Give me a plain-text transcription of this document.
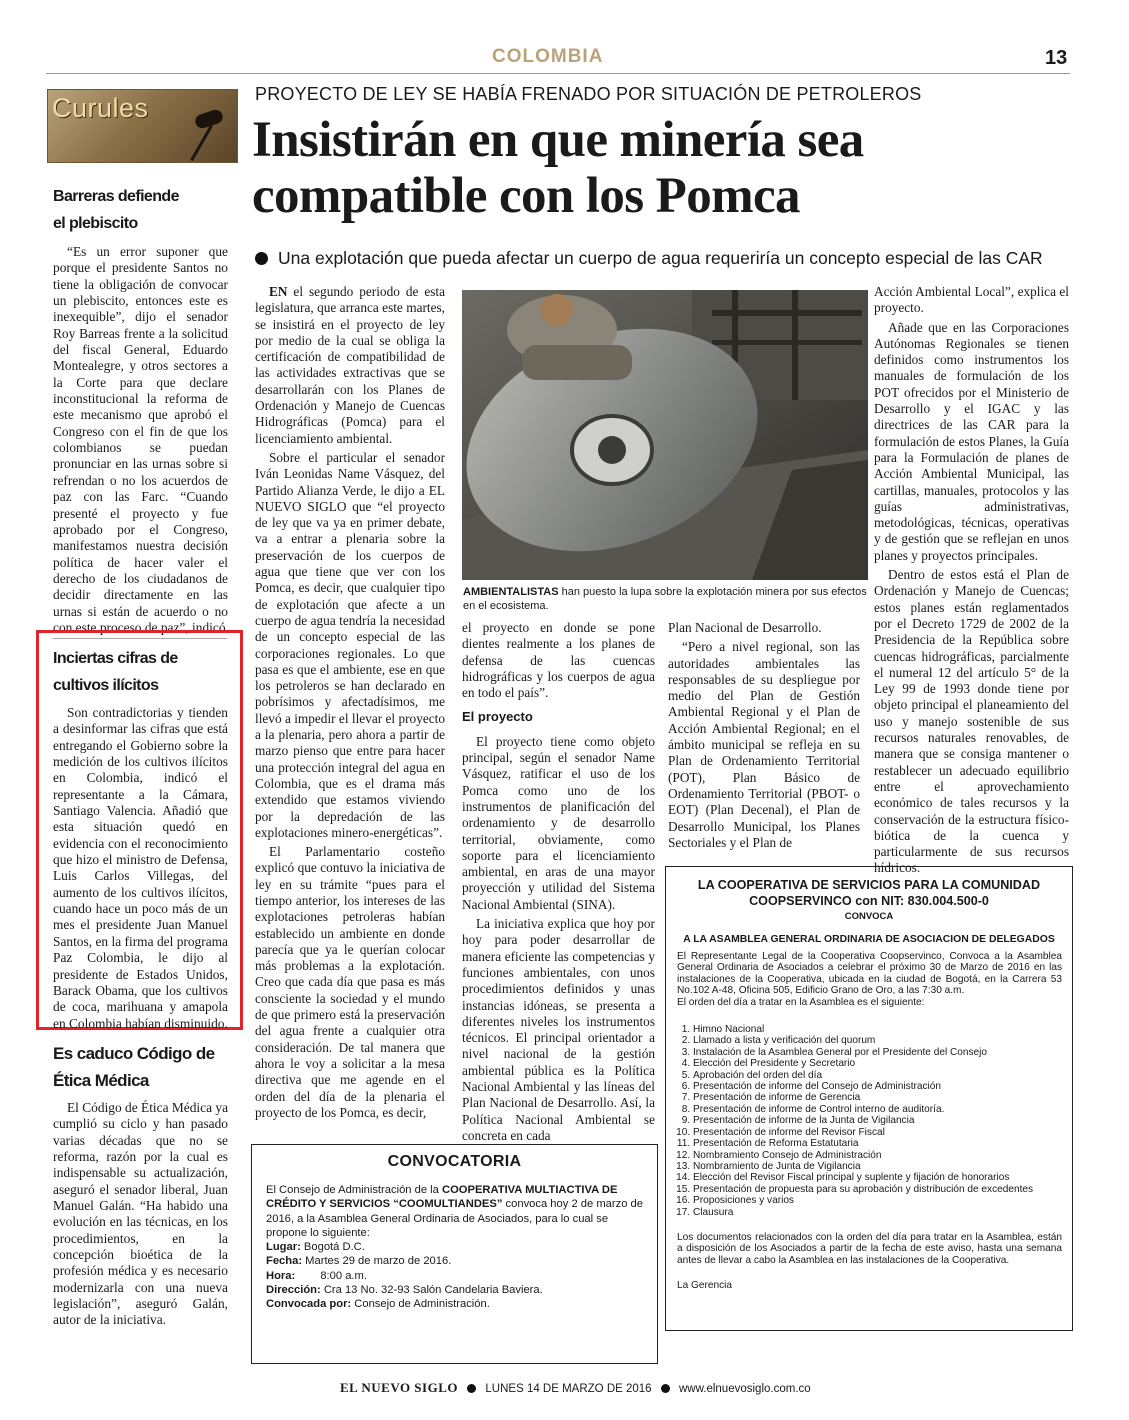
COLOMBIA	13
Curules
Barreras defiende
el plebiscito

“Es un error suponer que porque el presidente Santos no tiene la obligación de convocar un plebiscito, entonces este es inexequible”, dijo el senador Roy Barreas frente a la solicitud del fiscal General, Eduardo Montealegre, y otros sectores a la Corte para que declare inconstitucional la reforma de este mecanismo que aprobó el Congreso con el fin de que los colombianos se puedan pronunciar en las urnas sobre si refrendan o no los acuerdos de paz con las Farc. “Cuando presenté el proyecto y fue aprobado por el Congreso, manifestamos nuestra decisión política de hacer valer el derecho de los ciudadanos de decidir directamente en las urnas si están de acuerdo o no con este proceso de paz”, indicó

Inciertas cifras de
cultivos ilícitos

Son contradictorias y tienden a desinformar las cifras que está entregando el Gobierno sobre la medición de los cultivos ilícitos en Colombia, indicó el representante a la Cámara, Santiago Valencia. Añadió que esta situación quedó en evidencia con el reconocimiento que hizo el ministro de Defensa, Luis Carlos Villegas, del aumento de los cultivos ilícitos, cuando hace un poco más de un mes el presidente Juan Manuel Santos, en la firma del programa Paz Colombia, le dijo al presidente de Estados Unidos, Barack Obama, que los cultivos de coca, marihuana y amapola en Colombia habían disminuido.

Es caduco Código de
Ética Médica

El Código de Ética Médica ya cumplió su ciclo y han pasado varias décadas que no se reforma, razón por la cual es indispensable su actualización, aseguró el senador liberal, Juan Manuel Galán. “Ha habido una evolución en las técnicas, en los procedimientos, en la concepción bioética de la profesión médica y es necesario modernizarla con una nueva legislación”, aseguró Galán, autor de la iniciativa.

PROYECTO DE LEY SE HABÍA FRENADO POR SITUACIÓN DE PETROLEROS
Insistirán en que minería sea
compatible con los Pomca
Una explotación que pueda afectar un cuerpo de agua requeriría un concepto especial de las CAR

EN el segundo periodo de esta legislatura, que arranca este martes, se insistirá en el proyecto de ley por medio de la cual se obliga la certificación de compatibilidad de las actividades extractivas que se desarrollarán con los Planes de Ordenación y Manejo de Cuencas Hidrográficas (Pomca) para el licenciamiento ambiental.

Sobre el particular el senador Iván Leonidas Name Vásquez, del Partido Alianza Verde, le dijo a EL NUEVO SIGLO que “el proyecto de ley que va ya en primer debate, va a entrar a plenaria sobre la preservación de los cuerpos de agua que tiene que ver con los Pomca, es decir, que cualquier tipo de explotación que afecte a un cuerpo de agua tendría la necesidad de un concepto especial de las corporaciones regionales. Lo que pasa es que el ambiente, ese en que los petroleros se han declarado en pobrísimos y afectadísimos, me llevó a impedir el llevar el proyecto a la plenaria, pero ahora a partir de marzo pienso que entre para hacer una protección integral del agua en Colombia, que es el drama más extendido que estamos viviendo por la depredación de las explotaciones minero-energéticas”.

El Parlamentario costeño explicó que contuvo la iniciativa de ley en su trámite “pues para el tiempo anterior, los intereses de las explotaciones petroleras habían establecido un ambiente en donde parecía que ya le querían colocar más problemas a la explotación. Creo que cada día que pasa es más consciente la sociedad y el mundo de que primero está la preservación del agua frente a cualquier otra consideración. De tal manera que ahora le voy a solicitar a la mesa directiva que me agende en el orden del día de la plenaria el proyecto de los Pomca, es decir,

AMBIENTALISTAS han puesto la lupa sobre la explotación minera por sus efectos en el ecosistema.

el proyecto en donde se pone dientes realmente a los planes de defensa de las cuencas hidrográficas y los cuerpos de agua en todo el país”.

El proyecto

El proyecto tiene como objeto principal, según el senador Name Vásquez, ratificar el uso de los Pomca como uno de los instrumentos de planificación del ordenamiento y de desarrollo territorial, obviamente, como soporte para el licenciamiento ambiental, en aras de una mayor proyección y utilidad del Sistema Nacional Ambiental (SINA).

La iniciativa explica que hoy por hoy para poder desarrollar de manera eficiente las competencias y funciones ambientales, con unos procedimientos definidos y unas instancias idóneas, se presenta a diferentes niveles los instrumentos técnicos. El principal orientador a nivel nacional de la gestión ambiental pública es la Política Nacional Ambiental y las líneas del Plan Nacional de Desarrollo. Así, la Política Nacional Ambiental se concreta en cada

Plan Nacional de Desarrollo.

“Pero a nivel regional, son las autoridades ambientales las responsables de su despliegue por medio del Plan de Gestión Ambiental Regional y el Plan de Acción Ambiental Regional; en el ámbito municipal se refleja en su Plan de Ordenamiento Territorial (POT), Plan Básico de Ordenamiento Territorial (PBOT- o EOT) (Plan Decenal), el Plan de Desarrollo Municipal, los Planes Sectoriales y el Plan de

Acción Ambiental Local”, explica el proyecto.

Añade que en las Corporaciones Autónomas Regionales se tienen definidos como instrumentos los manuales de formulación de los POT ofrecidos por el Ministerio de Desarrollo y el IGAC y las directrices de las CAR para la formulación de estos Planes, la Guía para la Formulación de planes de Acción Ambiental Municipal, las cartillas, manuales, protocolos y las guías administrativas, metodológicas, técnicas, operativas y de gestión que se reflejan en unos planes y proyectos principales.

Dentro de estos está el Plan de Ordenación y Manejo de Cuencas; estos planes están reglamentados por el Decreto 1729 de 2002 de la Presidencia de la República sobre cuencas hidrográficas, parcialmente el numeral 12 del artículo 5° de la Ley 99 de 1993 donde tiene por objeto principal el planeamiento del uso y manejo sostenible de sus recursos naturales renovables, de manera que se consiga mantener o restablecer un adecuado equilibrio entre el aprovechamiento económico de tales recursos y la conservación de la estructura físico-biótica de la cuenca y particularmente de sus recursos hídricos.

CONVOCATORIA
El Consejo de Administración de la COOPERATIVA MULTIACTIVA DE CRÉDITO Y SERVICIOS “COOMULTIANDES” convoca hoy 2 de marzo de 2016, a la Asamblea General Ordinaria de Asociados, para lo cual se propone lo siguiente:
Lugar: Bogotá D.C.
Fecha: Martes 29 de marzo de 2016.
Hora: 8:00 a.m.
Dirección: Cra 13 No. 32-93 Salón Candelaria Baviera.
Convocada por: Consejo de Administración.
LA COOPERATIVA DE SERVICIOS PARA LA COMUNIDAD
COOPSERVINCO con NIT: 830.004.500-0
CONVOCA
A LA ASAMBLEA GENERAL ORDINARIA DE ASOCIACION DE DELEGADOS
El Representante Legal de la Cooperativa Coopservinco, Convoca a la Asamblea General Ordinaria de Asociados a celebrar el próximo 30 de Marzo de 2016 en las instalaciones de la Cooperativa, ubicada en la ciudad de Bogotá, en la Carrera 53 No.102 A-48, Oficina 505, Edificio Grano de Oro, a las 7:30 a.m.
El orden del día a tratar en la Asamblea es el siguiente:
1. Himno Nacional
2. Llamado a lista y verificación del quorum
3. Instalación de la Asamblea General por el Presidente del Consejo
4. Elección del Presidente y Secretario
5. Aprobación del orden del día
6. Presentación de informe del Consejo de Administración
7. Presentación de informe de Gerencia
8. Presentación de informe de Control interno de auditoría.
9. Presentación de informe de la Junta de Vigilancia
10. Presentación de informe del Revisor Fiscal
11. Presentación de Reforma Estatutaria
12. Nombramiento Consejo de Administración
13. Nombramiento de Junta de Vigilancia
14. Elección del Revisor Fiscal principal y suplente y fijación de honorarios
15. Presentación de propuesta para su aprobación y distribución de excedentes
16. Proposiciones y varios
17. Clausura
Los documentos relacionados con la orden del día para tratar en la Asamblea, están a disposición de los Asociados a partir de la fecha de este aviso, hasta una semana antes de llevar a cabo la Asamblea en las instalaciones de la Cooperativa.
La Gerencia
EL NUEVO SIGLO LUNES 14 DE MARZO DE 2016 www.elnuevosiglo.com.co
